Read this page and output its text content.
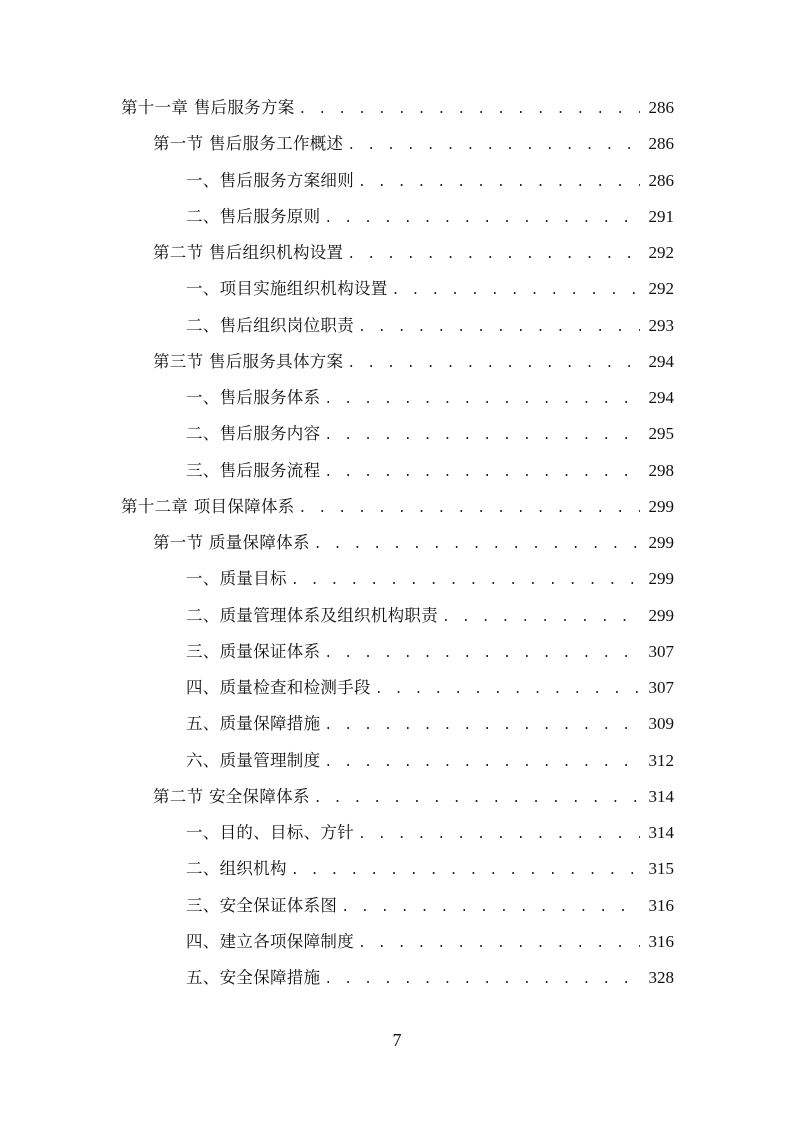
第十一章 售后服务方案 . . .	286
第一节 售后服务工作概述 . . .	286
一、售后服务方案细则 . . .	286
二、售后服务原则 . . .	291
第二节 售后组织机构设置 . . .	292
一、项目实施组织机构设置 . . .	292
二、售后组织岗位职责 . . .	293
第三节 售后服务具体方案 . . .	294
一、售后服务体系 . . .	294
二、售后服务内容 . . .	295
三、售后服务流程 . . .	298
第十二章 项目保障体系 . . .	299
第一节 质量保障体系 . . .	299
一、质量目标 . . .	299
二、质量管理体系及组织机构职责 . . .	299
三、质量保证体系 . . .	307
四、质量检查和检测手段 . . .	307
五、质量保障措施 . . .	309
六、质量管理制度 . . .	312
第二节 安全保障体系 . . .	314
一、目的、目标、方针 . . .	314
二、组织机构 . . .	315
三、安全保证体系图 . . .	316
四、建立各项保障制度 . . .	316
五、安全保障措施 . . .	328
7
